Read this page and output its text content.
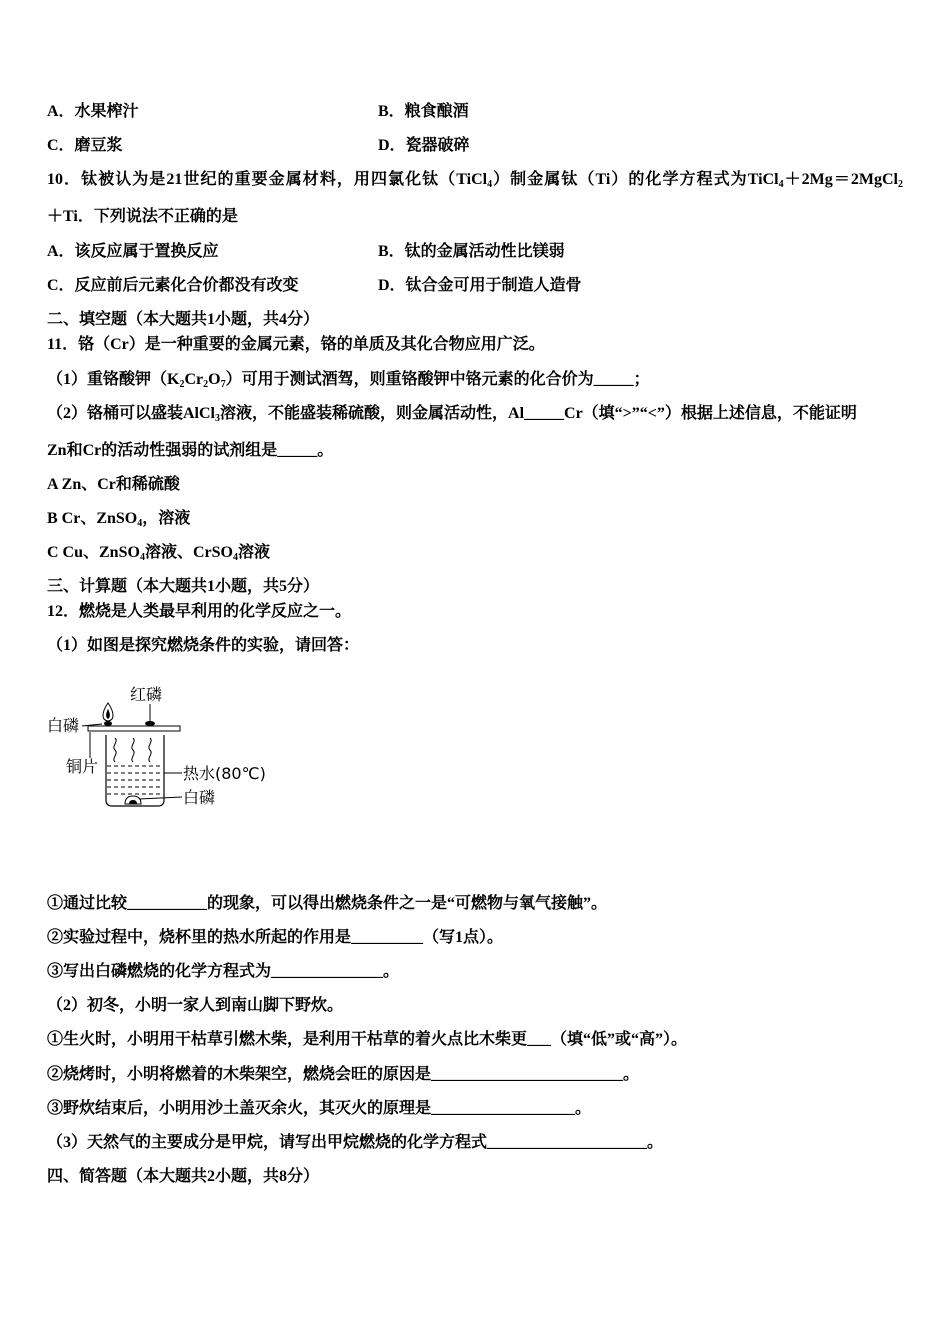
A．水果榨汁	B．粮食酿酒
C．磨豆浆	D．瓷器破碎
10．钛被认为是21世纪的重要金属材料，用四氯化钛（TiCl$_4$）制金属钛（Ti）的化学方程式为TiCl$_4$＋2Mg＝2MgCl$_2$
＋Ti．下列说法不正确的是
A．该反应属于置换反应	B．钛的金属活动性比镁弱
C．反应前后元素化合价都没有改变	D．钛合金可用于制造人造骨
二、填空题（本大题共1小题，共4分）
11．铬（Cr）是一种重要的金属元素，铬的单质及其化合物应用广泛。
（1）重铬酸钾$(K_2Cr_2O_7)$可用于测试酒驾，则重铬酸钾中铬元素的化合价为_____；
（2）铬桶可以盛装AlCl$_3$溶液，不能盛装稀硫酸，则金属活动性，Al_____Cr（填“>”“<”）根据上述信息，不能证明
Zn和Cr的活动性强弱的试剂组是_____。
A Zn、Cr和稀硫酸
B Cr、ZnSO$_4$，溶液
C Cu、ZnSO$_4$溶液、CrSO$_4$溶液
三、计算题（本大题共1小题，共5分）
12．燃烧是人类最早利用的化学反应之一。
（1）如图是探究燃烧条件的实验，请回答：
红磷
白磷
铜片	热水(80℃)
白磷
①通过比较__________的现象，可以得出燃烧条件之一是“可燃物与氧气接触”。
②实验过程中，烧杯里的热水所起的作用是_________（写1点）。
③写出白磷燃烧的化学方程式为______________。
（2）初冬，小明一家人到南山脚下野炊。
①生火时，小明用干枯草引燃木柴，是利用干枯草的着火点比木柴更___（填“低”或“高”）。
②烧烤时，小明将燃着的木柴架空，燃烧会旺的原因是________________________。
③野炊结束后，小明用沙土盖灭余火，其灭火的原理是__________________。
（3）天然气的主要成分是甲烷，请写出甲烷燃烧的化学方程式____________________。
四、简答题（本大题共2小题，共8分）
